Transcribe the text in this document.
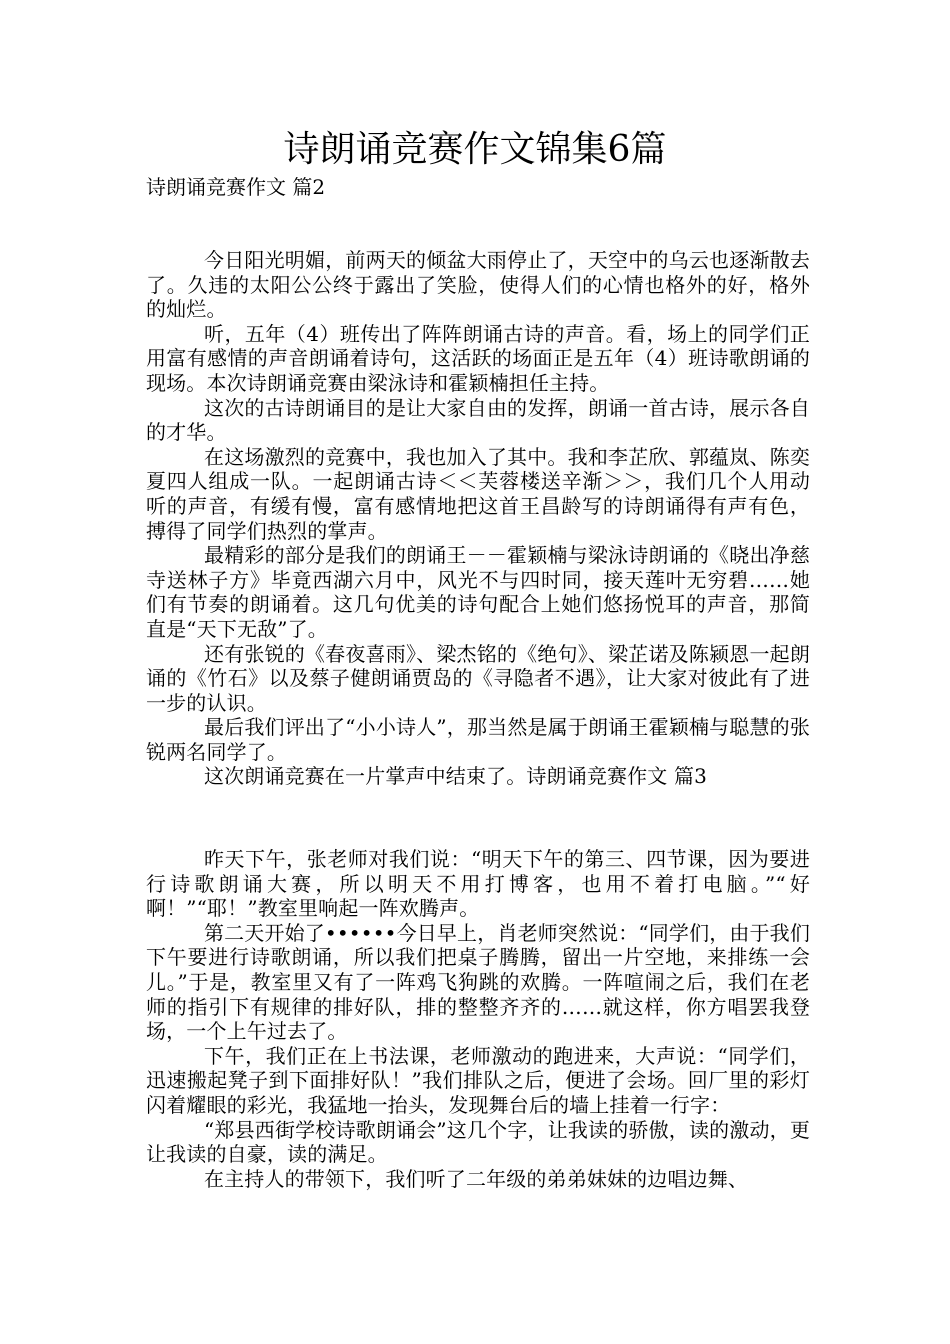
诗朗诵竞赛作文锦集6篇
诗朗诵竞赛作文 篇2

今日阳光明媚，前两天的倾盆大雨停止了，天空中的乌云也逐渐散去了。久违的太阳公公终于露出了笑脸，使得人们的心情也格外的好，格外的灿烂。

听，五年（4）班传出了阵阵朗诵古诗的声音。看，场上的同学们正用富有感情的声音朗诵着诗句，这活跃的场面正是五年（4）班诗歌朗诵的现场。本次诗朗诵竞赛由梁泳诗和霍颖楠担任主持。

这次的古诗朗诵目的是让大家自由的发挥，朗诵一首古诗，展示各自的才华。

在这场激烈的竞赛中，我也加入了其中。我和李芷欣、郭蕴岚、陈奕夏四人组成一队。一起朗诵古诗＜＜芙蓉楼送辛渐＞＞，我们几个人用动听的声音，有缓有慢，富有感情地把这首王昌龄写的诗朗诵得有声有色，搏得了同学们热烈的掌声。

最精彩的部分是我们的朗诵王－－霍颖楠与梁泳诗朗诵的《晓出净慈寺送林子方》毕竟西湖六月中，风光不与四时同，接天莲叶无穷碧……她们有节奏的朗诵着。这几句优美的诗句配合上她们悠扬悦耳的声音，那简直是“天下无敌”了。

还有张锐的《春夜喜雨》、梁杰铭的《绝句》、梁芷诺及陈颍恩一起朗诵的《竹石》以及蔡子健朗诵贾岛的《寻隐者不遇》，让大家对彼此有了进一步的认识。

最后我们评出了“小小诗人”，那当然是属于朗诵王霍颖楠与聪慧的张锐两名同学了。

这次朗诵竞赛在一片掌声中结束了。诗朗诵竞赛作文 篇3

昨天下午，张老师对我们说：“明天下午的第三、四节课，因为要进行诗歌朗诵大赛，所以明天不用打博客，也用不着打电脑。”“好啊！”“耶！”教室里响起一阵欢腾声。

第二天开始了••••••今日早上，肖老师突然说：“同学们，由于我们下午要进行诗歌朗诵，所以我们把桌子腾腾，留出一片空地，来排练一会儿。”于是，教室里又有了一阵鸡飞狗跳的欢腾。一阵喧闹之后，我们在老师的指引下有规律的排好队，排的整整齐齐的……就这样，你方唱罢我登场，一个上午过去了。

下午，我们正在上书法课，老师激动的跑进来，大声说：“同学们，迅速搬起凳子到下面排好队！”我们排队之后，便进了会场。回厂里的彩灯闪着耀眼的彩光，我猛地一抬头，发现舞台后的墙上挂着一行字：

“郑县西街学校诗歌朗诵会”这几个字，让我读的骄傲，读的激动，更让我读的自豪，读的满足。

在主持人的带领下，我们听了二年级的弟弟妹妹的边唱边舞、
